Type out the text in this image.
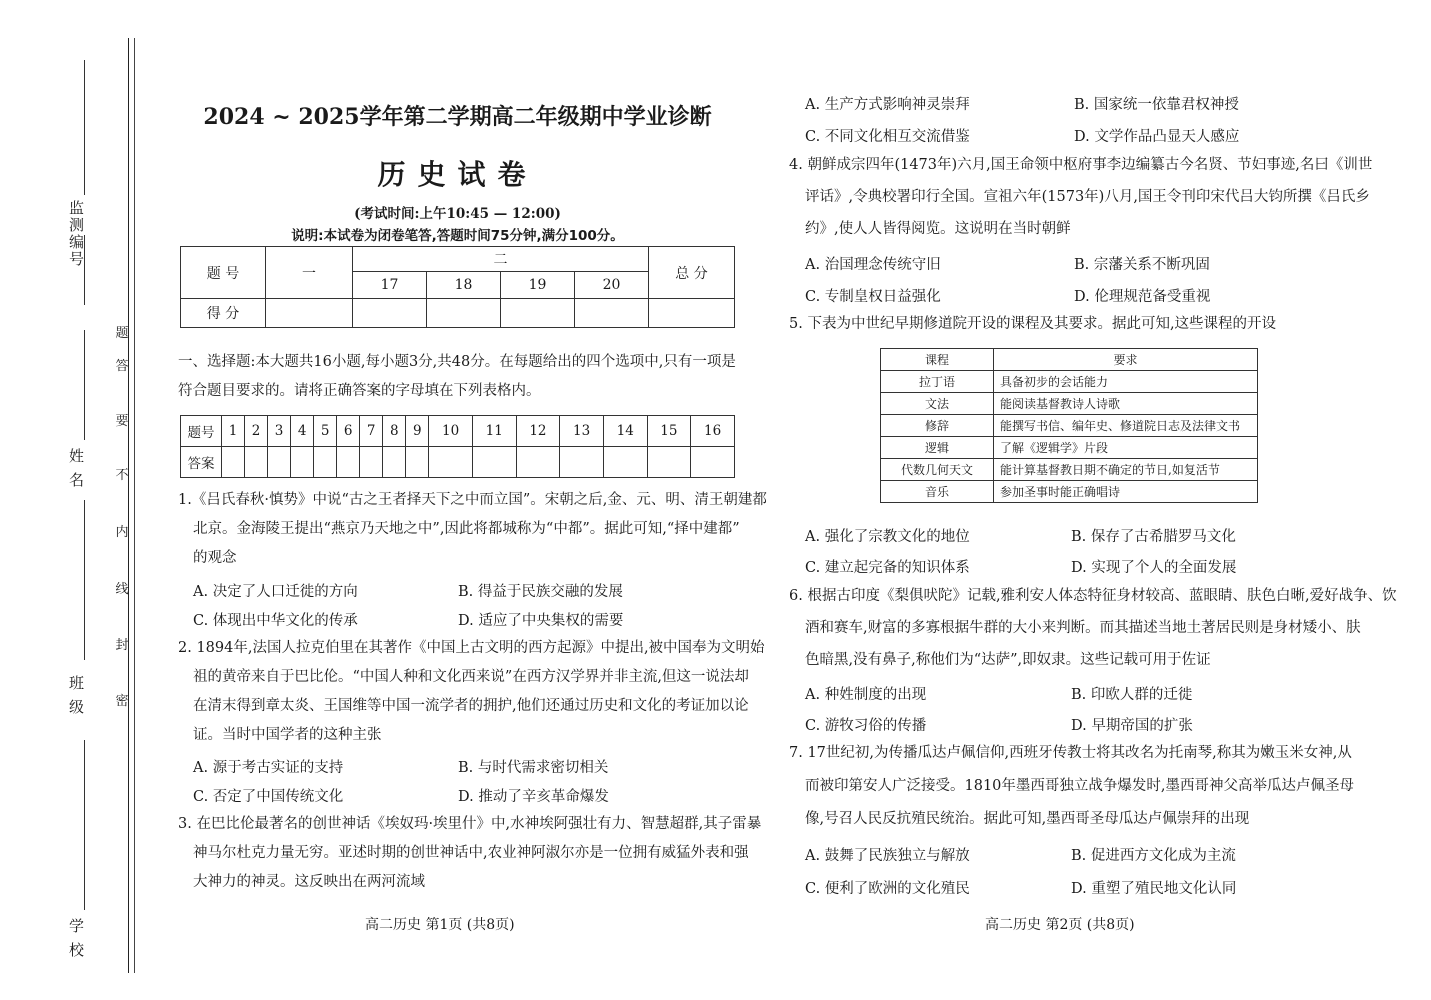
监测编号
姓 名
班 级
学 校
题
答
要
不
内
线
封
密
2024 ~ 2025学年第二学期高二年级期中学业诊断
历史试卷
(考试时间:上午10:45 — 12:00)
说明:本试卷为闭卷笔答,答题时间75分钟,满分100分。
题 号	一	二				总 分
		17	18	19	20	
得 分						
一、选择题:本大题共16小题,每小题3分,共48分。在每题给出的四个选项中,只有一项是
符合题目要求的。请将正确答案的字母填在下列表格内。
题号	1	2	3	4	5	6	7	8	9	10	11	12	13	14	15	16
答案																
1.《吕氏春秋·慎势》中说“古之王者择天下之中而立国”。宋朝之后,金、元、明、清王朝建都
北京。金海陵王提出“燕京乃天地之中”,因此将都城称为“中都”。据此可知,“择中建都”
的观念
A. 决定了人口迁徙的方向	B. 得益于民族交融的发展
C. 体现出中华文化的传承	D. 适应了中央集权的需要
2. 1894年,法国人拉克伯里在其著作《中国上古文明的西方起源》中提出,被中国奉为文明始
祖的黄帝来自于巴比伦。“中国人种和文化西来说”在西方汉学界并非主流,但这一说法却
在清末得到章太炎、王国维等中国一流学者的拥护,他们还通过历史和文化的考证加以论
证。当时中国学者的这种主张
A. 源于考古实证的支持	B. 与时代需求密切相关
C. 否定了中国传统文化	D. 推动了辛亥革命爆发
3. 在巴比伦最著名的创世神话《埃奴玛·埃里什》中,水神埃阿强壮有力、智慧超群,其子雷暴
神马尔杜克力量无穷。亚述时期的创世神话中,农业神阿淑尔亦是一位拥有威猛外表和强
大神力的神灵。这反映出在两河流域
高二历史 第1页 (共8页)
A. 生产方式影响神灵崇拜	B. 国家统一依靠君权神授
C. 不同文化相互交流借鉴	D. 文学作品凸显天人感应
4. 朝鲜成宗四年(1473年)六月,国王命领中枢府事李边编纂古今名贤、节妇事迹,名曰《训世
评话》,令典校署印行全国。宣祖六年(1573年)八月,国王令刊印宋代吕大钧所撰《吕氏乡
约》,使人人皆得阅览。这说明在当时朝鲜
A. 治国理念传统守旧	B. 宗藩关系不断巩固
C. 专制皇权日益强化	D. 伦理规范备受重视
5. 下表为中世纪早期修道院开设的课程及其要求。据此可知,这些课程的开设
课程	要求
拉丁语	具备初步的会话能力
文法	能阅读基督教诗人诗歌
修辞	能撰写书信、编年史、修道院日志及法律文书
逻辑	了解《逻辑学》片段
代数几何天文	能计算基督教日期不确定的节日,如复活节
音乐	参加圣事时能正确唱诗
A. 强化了宗教文化的地位	B. 保存了古希腊罗马文化
C. 建立起完备的知识体系	D. 实现了个人的全面发展
6. 根据古印度《梨俱吠陀》记载,雅利安人体态特征身材较高、蓝眼睛、肤色白晰,爱好战争、饮
酒和赛车,财富的多寡根据牛群的大小来判断。而其描述当地土著居民则是身材矮小、肤
色暗黑,没有鼻子,称他们为“达萨”,即奴隶。这些记载可用于佐证
A. 种姓制度的出现	B. 印欧人群的迁徙
C. 游牧习俗的传播	D. 早期帝国的扩张
7. 17世纪初,为传播瓜达卢佩信仰,西班牙传教士将其改名为托南琴,称其为嫩玉米女神,从
而被印第安人广泛接受。1810年墨西哥独立战争爆发时,墨西哥神父高举瓜达卢佩圣母
像,号召人民反抗殖民统治。据此可知,墨西哥圣母瓜达卢佩崇拜的出现
A. 鼓舞了民族独立与解放	B. 促进西方文化成为主流
C. 便利了欧洲的文化殖民	D. 重塑了殖民地文化认同
高二历史 第2页 (共8页)
